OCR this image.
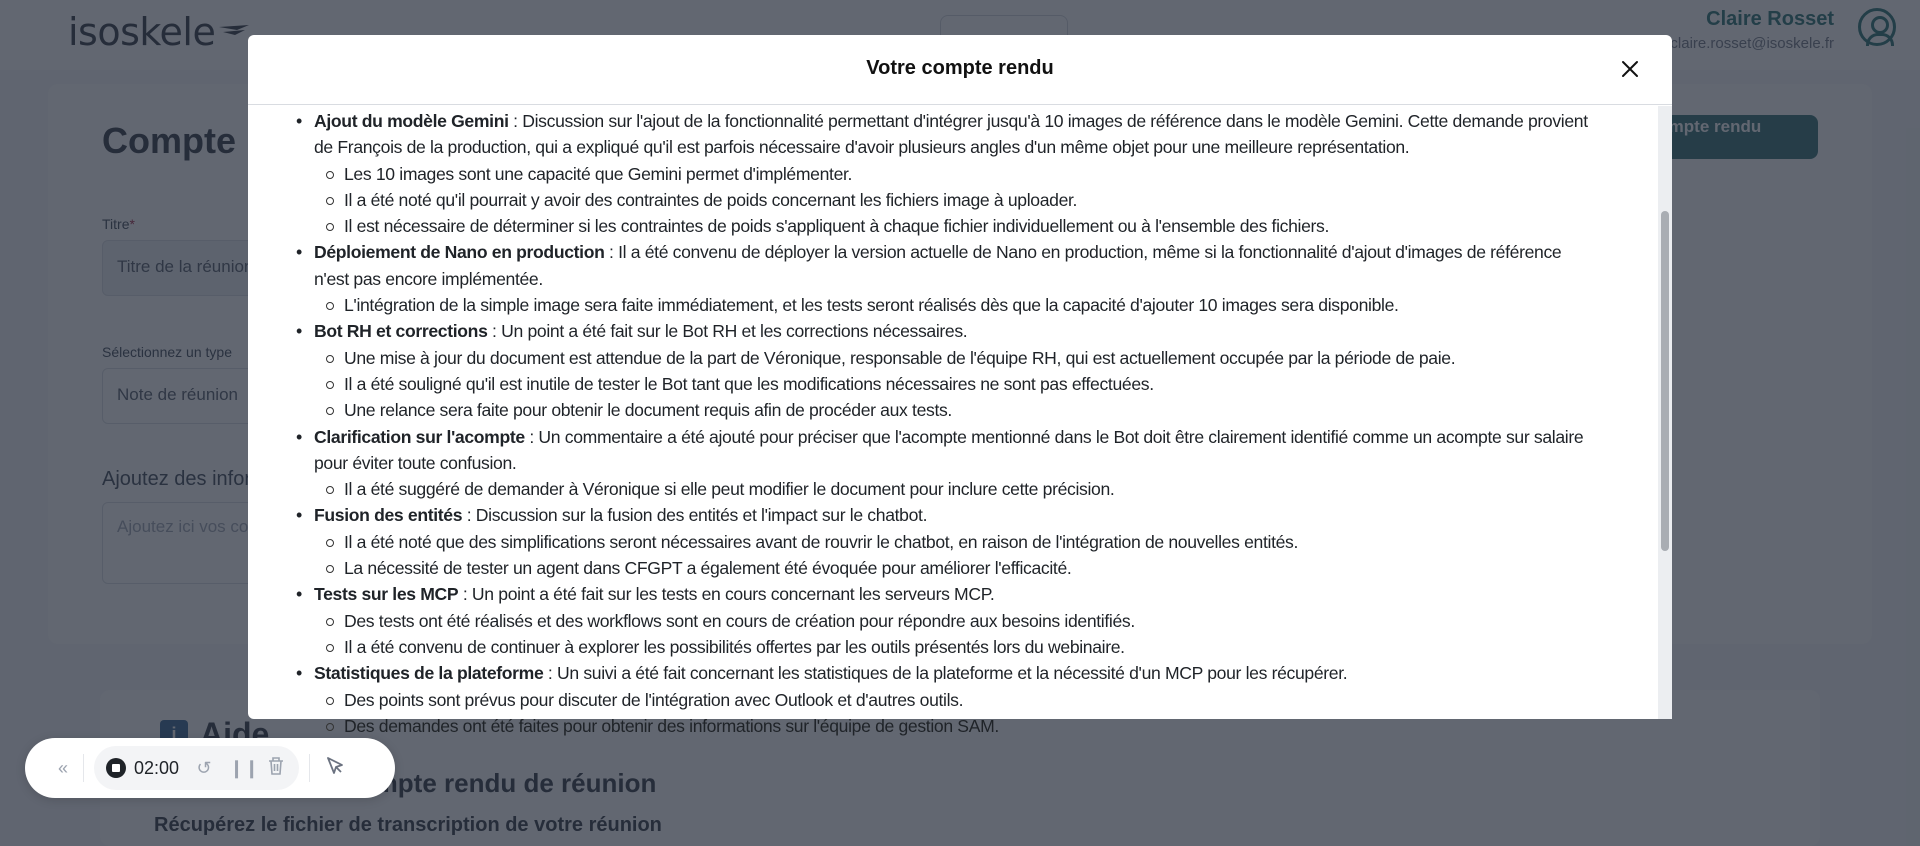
Votre compte rendu
• Ajout du modèle Gemini : Discussion sur l'ajout de la fonctionnalité permettant d'intégrer jusqu'à 10 images de référence dans le modèle Gemini. Cette demande provient de François de la production, qui a expliqué qu'il est parfois nécessaire d'avoir plusieurs angles d'un même objet pour une meilleure représentation.
Les 10 images sont une capacité que Gemini permet d'implémenter.
Il a été noté qu'il pourrait y avoir des contraintes de poids concernant les fichiers image à uploader.
Il est nécessaire de déterminer si les contraintes de poids s'appliquent à chaque fichier individuellement ou à l'ensemble des fichiers.
• Déploiement de Nano en production : Il a été convenu de déployer la version actuelle de Nano en production, même si la fonctionnalité d'ajout d'images de référence n'est pas encore implémentée.
L'intégration de la simple image sera faite immédiatement, et les tests seront réalisés dès que la capacité d'ajouter 10 images sera disponible.
• Bot RH et corrections : Un point a été fait sur le Bot RH et les corrections nécessaires.
Une mise à jour du document est attendue de la part de Véronique, responsable de l'équipe RH, qui est actuellement occupée par la période de paie.
Il a été souligné qu'il est inutile de tester le Bot tant que les modifications nécessaires ne sont pas effectuées.
Une relance sera faite pour obtenir le document requis afin de procéder aux tests.
• Clarification sur l'acompte : Un commentaire a été ajouté pour préciser que l'acompte mentionné dans le Bot doit être clairement identifié comme un acompte sur salaire pour éviter toute confusion.
Il a été suggéré de demander à Véronique si elle peut modifier le document pour inclure cette précision.
• Fusion des entités : Discussion sur la fusion des entités et l'impact sur le chatbot.
Il a été noté que des simplifications seront nécessaires avant de rouvrir le chatbot, en raison de l'intégration de nouvelles entités.
La nécessité de tester un agent dans CFGPT a également été évoquée pour améliorer l'efficacité.
• Tests sur les MCP : Un point a été fait sur les tests en cours concernant les serveurs MCP.
Des tests ont été réalisés et des workflows sont en cours de création pour répondre aux besoins identifiés.
Il a été convenu de continuer à explorer les possibilités offertes par les outils présentés lors du webinaire.
• Statistiques de la plateforme : Un suivi a été fait concernant les statistiques de la plateforme et la nécessité d'un MCP pour les récupérer.
Des points sont prévus pour discuter de l'intégration avec Outlook et d'autres outils.
Des demandes ont été faites pour obtenir des informations sur l'équipe de gestion SAM.
«	02:00 ↺ ❙❙
